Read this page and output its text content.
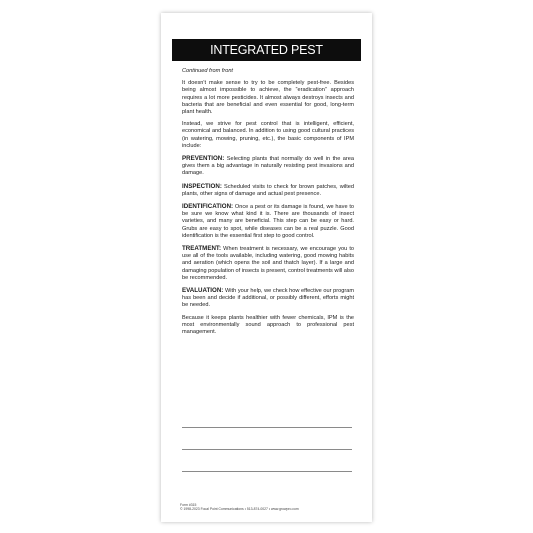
INTEGRATED PEST MANAGEMENT

Continued from front

It doesn't make sense to try to be completely pest-free. Besides being almost impossible to achieve, the “eradication” approach requires a lot more pesticides. It almost always destroys insects and bacteria that are beneficial and even essential for good, long-term plant health.

Instead, we strive for pest control that is intelligent, efficient, economical and balanced. In addition to using good cultural practices (in watering, mowing, pruning, etc.), the basic components of IPM include:

PREVENTION: Selecting plants that normally do well in the area gives them a big advantage in naturally resisting pest invasions and damage.

INSPECTION: Scheduled visits to check for brown patches, wilted plants, other signs of damage and actual pest presence.

IDENTIFICATION: Once a pest or its damage is found, we have to be sure we know what kind it is. There are thousands of insect varieties, and many are beneficial. This step can be easy or hard. Grubs are easy to spot, while diseases can be a real puzzle. Good identification is the essential first step to good control.

TREATMENT: When treatment is necessary, we encourage you to use all of the tools available, including watering, good mowing habits and aeration (which opens the soil and thatch layer). If a large and damaging population of insects is present, control treatments will also be recommended.

EVALUATION: With your help, we check how effective our program has been and decide if additional, or possibly different, efforts might be needed.

Because it keeps plants healthier with fewer chemicals, IPM is the most environmentally sound approach to professional pest management.

Form #315
© 1998-2023 Focal Point Communications • 513-874-0027 • www.growpro.com
